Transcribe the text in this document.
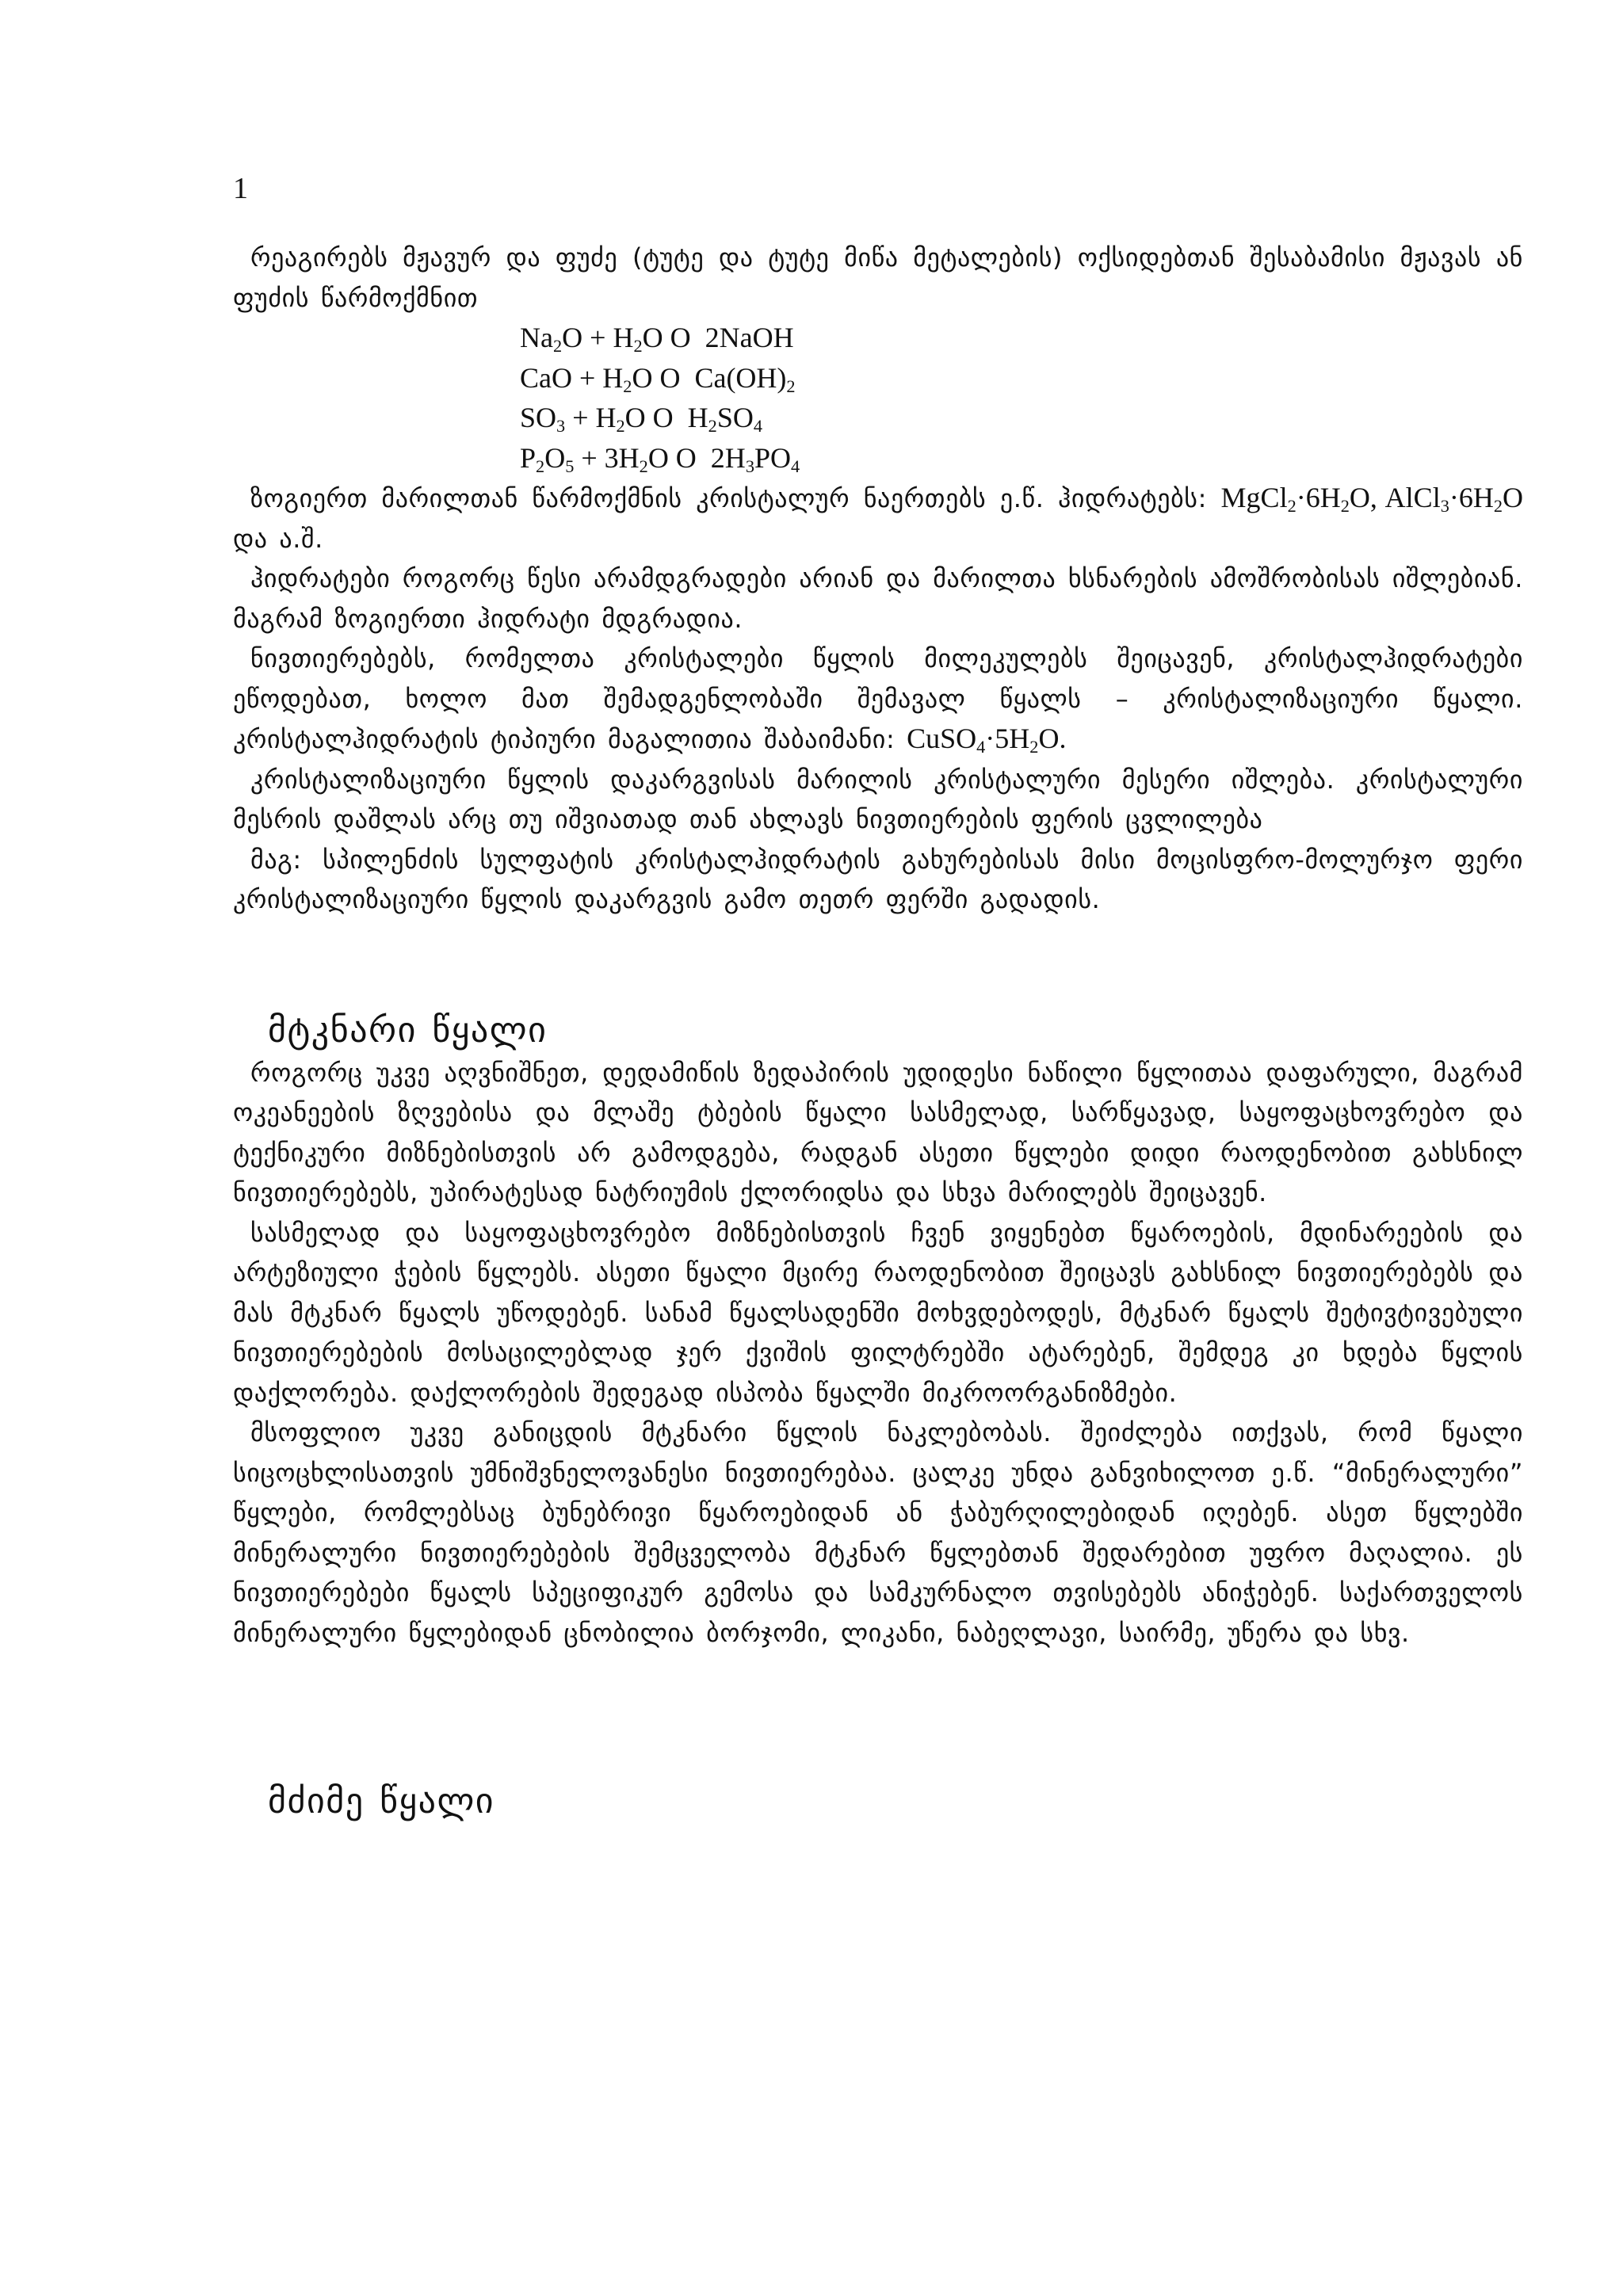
1

რეაგირებს მჟავურ და ფუძე (ტუტე და ტუტე მიწა მეტალების) ოქსიდებთან შესაბამისი მჟავას ან ფუძის წარმოქმნით

$Na_2O + H_2O$ O  2NaOH
CaO + $H_2O$ O  $Ca(OH)_2$
$SO_3 + H_2O$ O  $H_2SO_4$
$P_2O_5 + 3H_2O$ O  $2H_3PO_4$

ზოგიერთ მარილთან წარმოქმნის კრისტალურ ნაერთებს ე.წ. ჰიდრატებს: $MgCl_2\cdot 6H_2O$, $AlCl_3\cdot 6H_2O$ და ა.შ.

ჰიდრატები როგორც წესი არამდგრადები არიან და მარილთა ხსნარების ამოშრობისას იშლებიან. მაგრამ ზოგიერთი ჰიდრატი მდგრადია.

ნივთიერებებს, რომელთა კრისტალები წყლის მილეკულებს შეიცავენ, კრისტალჰიდრატები ეწოდებათ, ხოლო მათ შემადგენლობაში შემავალ წყალს – კრისტალიზაციური წყალი. კრისტალჰიდრატის ტიპიური მაგალითია შაბაიმანი: $CuSO_4\cdot 5H_2O$.

კრისტალიზაციური წყლის დაკარგვისას მარილის კრისტალური მესერი იშლება. კრისტალური მესრის დაშლას არც თუ იშვიათად თან ახლავს ნივთიერების ფერის ცვლილება

მაგ: სპილენძის სულფატის კრისტალჰიდრატის გახურებისას მისი მოცისფრო-მოლურჯო ფერი კრისტალიზაციური წყლის დაკარგვის გამო თეთრ ფერში გადადის.

მტკნარი წყალი

როგორც უკვე აღვნიშნეთ, დედამიწის ზედაპირის უდიდესი ნაწილი წყლითაა დაფარული, მაგრამ ოკეანეების ზღვებისა და მლაშე ტბების წყალი სასმელად, სარწყავად, საყოფაცხოვრებო და ტექნიკური მიზნებისთვის არ გამოდგება, რადგან ასეთი წყლები დიდი რაოდენობით გახსნილ ნივთიერებებს, უპირატესად ნატრიუმის ქლორიდსა და სხვა მარილებს შეიცავენ.

სასმელად და საყოფაცხოვრებო მიზნებისთვის ჩვენ ვიყენებთ წყაროების, მდინარეების და არტეზიული ჭების წყლებს. ასეთი წყალი მცირე რაოდენობით შეიცავს გახსნილ ნივთიერებებს და მას მტკნარ წყალს უწოდებენ. სანამ წყალსადენში მოხვდებოდეს, მტკნარ წყალს შეტივტივებული ნივთიერებების მოსაცილებლად ჯერ ქვიშის ფილტრებში ატარებენ, შემდეგ კი ხდება წყლის დაქლორება. დაქლორების შედეგად ისპობა წყალში მიკროორგანიზმები.

მსოფლიო უკვე განიცდის მტკნარი წყლის ნაკლებობას. შეიძლება ითქვას, რომ წყალი სიცოცხლისათვის უმნიშვნელოვანესი ნივთიერებაა. ცალკე უნდა განვიხილოთ ე.წ. “მინერალური” წყლები, რომლებსაც ბუნებრივი წყაროებიდან ან ჭაბურღილებიდან იღებენ. ასეთ წყლებში მინერალური ნივთიერებების შემცველობა მტკნარ წყლებთან შედარებით უფრო მაღალია. ეს ნივთიერებები წყალს სპეციფიკურ გემოსა და სამკურნალო თვისებებს ანიჭებენ. საქართველოს მინერალური წყლებიდან ცნობილია ბორჯომი, ლიკანი, ნაბეღლავი, საირმე, უწერა და სხვ.

მძიმე წყალი
